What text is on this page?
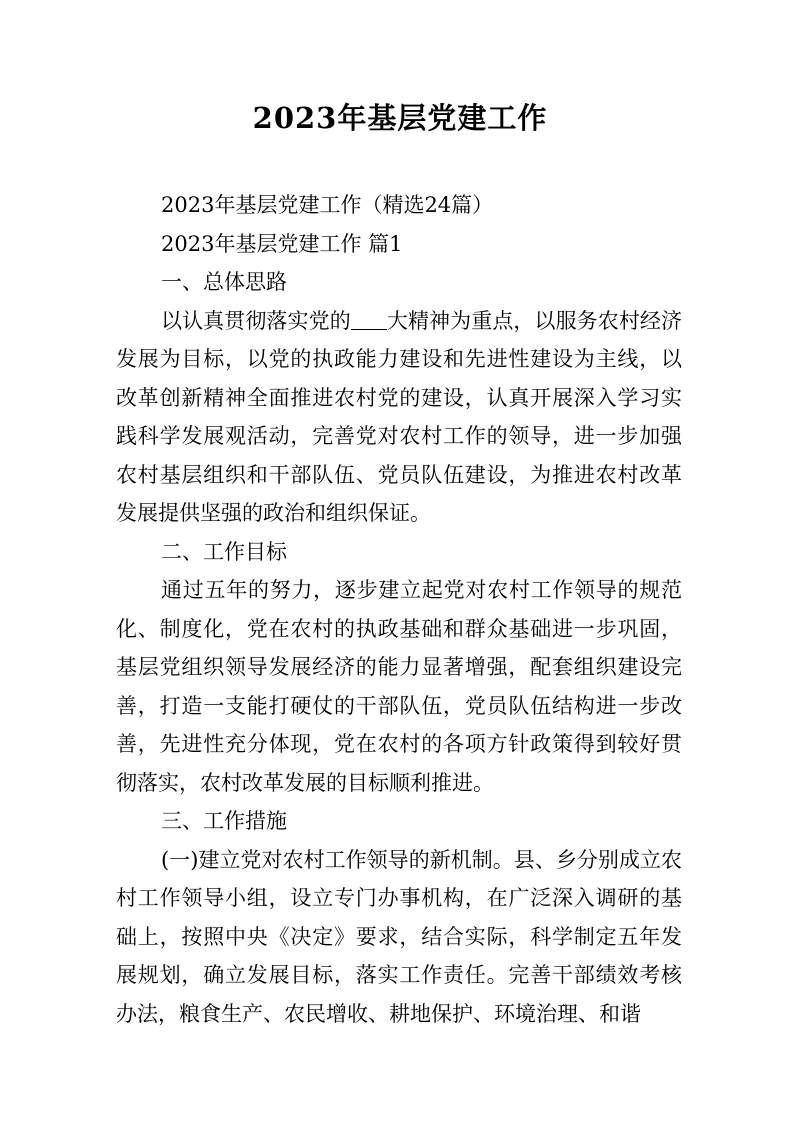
2023年基层党建工作
2023年基层党建工作（精选24篇）
2023年基层党建工作 篇1
一、总体思路

以认真贯彻落实党的 大精神为重点，以服务农村经济发展为目标，以党的执政能力建设和先进性建设为主线，以改革创新精神全面推进农村党的建设，认真开展深入学习实践科学发展观活动，完善党对农村工作的领导，进一步加强农村基层组织和干部队伍、党员队伍建设，为推进农村改革发展提供坚强的政治和组织保证。

二、工作目标

通过五年的努力，逐步建立起党对农村工作领导的规范化、制度化，党在农村的执政基础和群众基础进一步巩固，基层党组织领导发展经济的能力显著增强，配套组织建设完善，打造一支能打硬仗的干部队伍，党员队伍结构进一步改善，先进性充分体现，党在农村的各项方针政策得到较好贯彻落实，农村改革发展的目标顺利推进。

三、工作措施

(一)建立党对农村工作领导的新机制。县、乡分别成立农村工作领导小组，设立专门办事机构，在广泛深入调研的基础上，按照中央《决定》要求，结合实际，科学制定五年发展规划，确立发展目标，落实工作责任。完善干部绩效考核办法，粮食生产、农民增收、耕地保护、环境治理、和谐
